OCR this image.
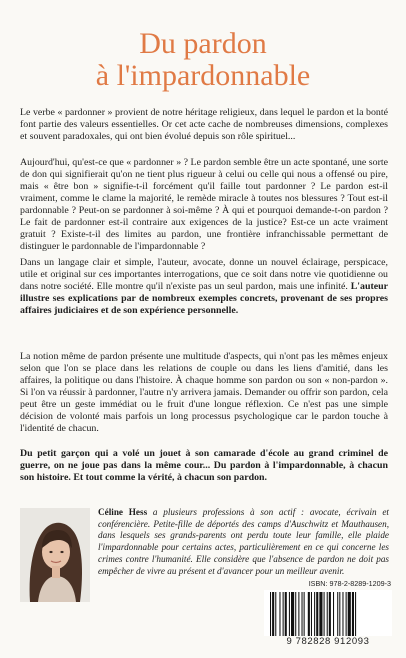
Du pardon
à l'impardonnable

Le verbe « pardonner » provient de notre héritage religieux, dans lequel le pardon et la bonté font partie des valeurs essentielles. Or cet acte cache de nombreuses dimensions, complexes et souvent paradoxales, qui ont bien évolué depuis son rôle spirituel...

Aujourd'hui, qu'est-ce que « pardonner » ? Le pardon semble être un acte spontané, une sorte de don qui signifierait qu'on ne tient plus rigueur à celui ou celle qui nous a offensé ou pire, mais « être bon » signifie-t-il forcément qu'il faille tout pardonner ? Le pardon est-il vraiment, comme le clame la majorité, le remède miracle à toutes nos blessures ? Tout est-il pardonnable ? Peut-on se pardonner à soi-même ? À qui et pourquoi demande-t-on pardon ? Le fait de pardonner est-il contraire aux exigences de la justice? Est-ce un acte vraiment gratuit ? Existe-t-il des limites au pardon, une frontière infranchissable permettant de distinguer le pardonnable de l'impardonnable ?

Dans un langage clair et simple, l'auteur, avocate, donne un nouvel éclairage, perspicace, utile et original sur ces importantes interrogations, que ce soit dans notre vie quotidienne ou dans notre société. Elle montre qu'il n'existe pas un seul pardon, mais une infinité. L'auteur illustre ses explications par de nombreux exemples concrets, provenant de ses propres affaires judiciaires et de son expérience personnelle.

La notion même de pardon présente une multitude d'aspects, qui n'ont pas les mêmes enjeux selon que l'on se place dans les relations de couple ou dans les liens d'amitié, dans les affaires, la politique ou dans l'histoire. À chaque homme son pardon ou son « non-pardon ». Si l'on va réussir à pardonner, l'autre n'y arrivera jamais. Demander ou offrir son pardon, cela peut être un geste immédiat ou le fruit d'une longue réflexion. Ce n'est pas une simple décision de volonté mais parfois un long processus psychologique car le pardon touche à l'identité de chacun.

Du petit garçon qui a volé un jouet à son camarade d'école au grand criminel de guerre, on ne joue pas dans la même cour... Du pardon à l'impardonnable, à chacun son histoire. Et tout comme la vérité, à chacun son pardon.

Céline Hess a plusieurs professions à son actif : avocate, écrivain et conférencière. Petite-fille de déportés des camps d'Auschwitz et Mauthausen, dans lesquels ses grands-parents ont perdu toute leur famille, elle plaide l'impardonnable pour certains actes, particulièrement en ce qui concerne les crimes contre l'humanité. Elle considère que l'absence de pardon ne doit pas empêcher de vivre au présent et d'avancer pour un meilleur avenir.
ISBN: 978-2-8289-1209-3
9 782828 912093
